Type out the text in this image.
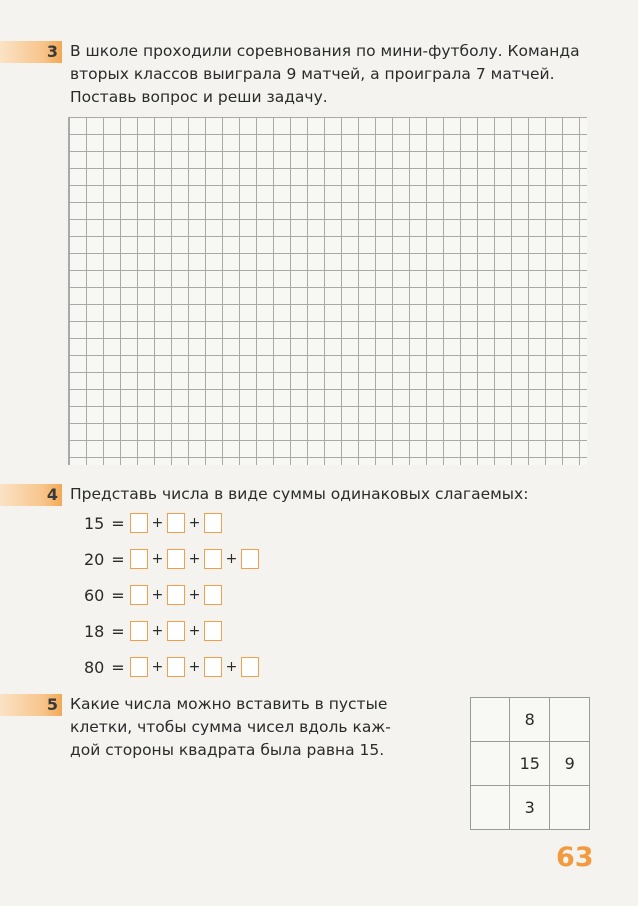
3 В школе проходили соревнования по мини-футболу. Команда
вторых классов выиграла 9 матчей, а проиграла 7 матчей.
Поставь вопрос и реши задачу.
4 Представь числа в виде суммы одинаковых слагаемых:
15 =	+ +
20 =	+ + +
60 =	+ +
18 =	+ +
80 =	+ + +
5 Какие числа можно вставить в пустые
клетки, чтобы сумма чисел вдоль каж-
дой стороны квадрата была равна 15.
	8	
	15	9
	3	
63
